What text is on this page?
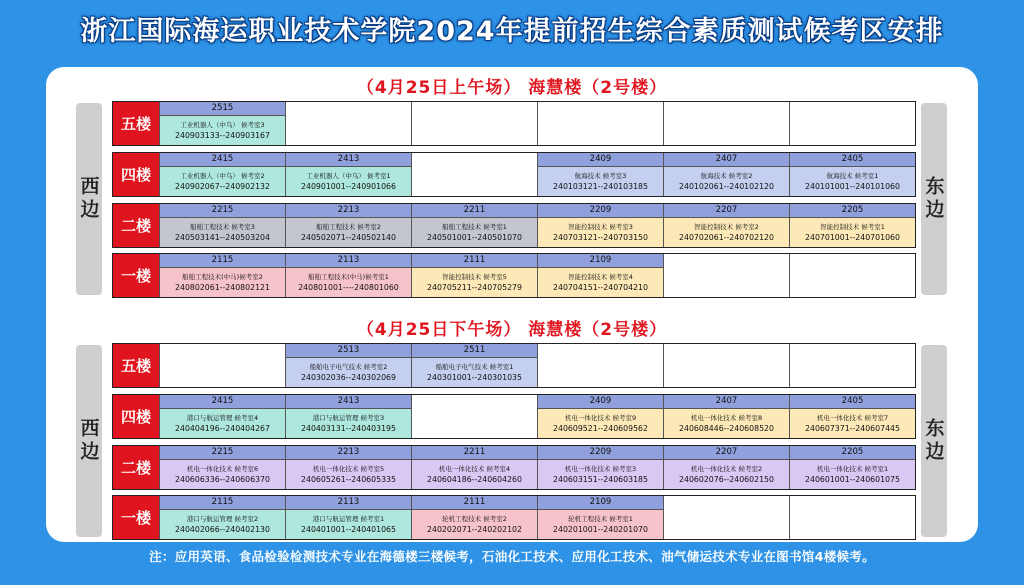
浙江国际海运职业技术学院2024年提前招生综合素质测试候考区安排
（4月25日上午场） 海慧楼（2号楼）
西边	东边
五楼
2515
工业机器人（中乌） 候考室3
240903133--240903167
四楼
2415
工业机器人（中乌） 候考室2
240902067--240902132
2413
工业机器人（中乌） 候考室1
240901001--240901066
2409
航海技术 候考室3
240103121--240103185
2407
航海技术 候考室2
240102061--240102120
2405
航海技术 候考室1
240101001--240101060
二楼
2215
船舶工程技术 候考室3
240503141--240503204
2213
船舶工程技术 候考室2
240502071--240502140
2211
船舶工程技术 候考室1
240501001--240501070
2209
智能控制技术 候考室3
240703121--240703150
2207
智能控制技术 候考室2
240702061--240702120
2205
智能控制技术 候考室1
240701001--240701060
一楼
2115
船舶工程技术(中马)候考室2
240802061--240802121
2113
船舶工程技术(中马)候考室1
240801001----240801060
2111
智能控制技术 候考室5
240705211--240705279
2109
智能控制技术 候考室4
240704151--240704210
（4月25日下午场） 海慧楼（2号楼）
西边	东边
五楼
2513
船舶电子电气技术 候考室2
240302036--240302069
2511
船舶电子电气技术 候考室1
240301001--240301035
四楼
2415
港口与航运管理 候考室4
240404196--240404267
2413
港口与航运管理 候考室3
240403131--240403195
2409
机电一体化技术 候考室9
240609521--240609562
2407
机电一体化技术 候考室8
240608446--240608520
2405
机电一体化技术 候考室7
240607371--240607445
二楼
2215
机电一体化技术 候考室6
240606336--240606370
2213
机电一体化技术 候考室5
240605261--240605335
2211
机电一体化技术 候考室4
240604186--240604260
2209
机电一体化技术 候考室3
240603151--240603185
2207
机电一体化技术 候考室2
240602076--240602150
2205
机电一体化技术 候考室1
240601001--240601075
一楼
2115
港口与航运管理 候考室2
240402066--240402130
2113
港口与航运管理 候考室1
240401001--240401065
2111
轮机工程技术 候考室2
240202071--240202102
2109
轮机工程技术 候考室1
240201001--240201070
注：应用英语、食品检验检测技术专业在海德楼三楼候考，石油化工技术、应用化工技术、油气储运技术专业在图书馆4楼候考。
